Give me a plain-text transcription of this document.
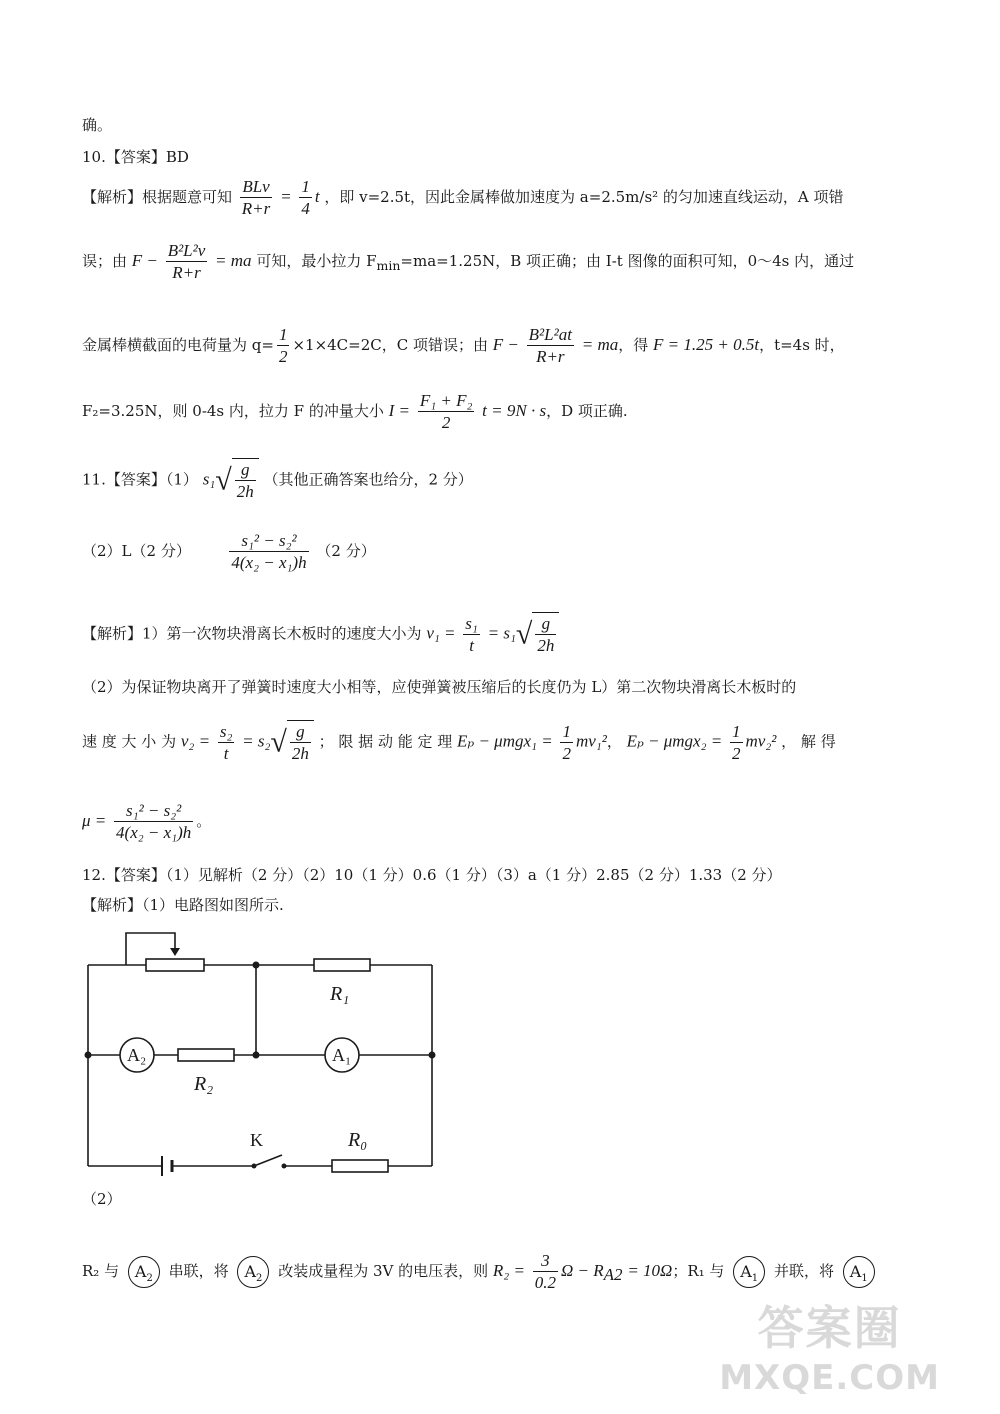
确。
10.【答案】BD
【解析】根据题意可知 $\frac{\text{BLv}}{R+r} = \frac{1}{4}$ t ，即 v=2.5t，因此金属棒做加速度为 a=2.5m/s² 的匀加速直线运动，A 项错
误；由 $F - \frac{\text{B²L²v}}{R+r}$ = ma 可知，最小拉力 $F_{min}=ma=1.25N$，B 项正确；由 I-t 图像的面积可知，0～4s 内，通过
金属棒横截面的电荷量为 $q= \frac{1}{2} \times 1\times 4C=2C$，C 项错误；由 $F - \frac{\text{B²L²at}}{R+r}$ = ma，得 F = 1.25 + 0.5t，t=4s 时，
F₂=3.25N，则 0-4s 内，拉力 F 的冲量大小 $I = \frac{\text{F₁ + F₂}}{2}$ t = 9N · s，D 项正确.
11.【答案】（1） $s_1√ \frac{g}{2h}$ （其他正确答案也给分，2 分）
（2）L（2 分） $\frac{\text{s₁² − s₂²}}{\text{4(x₂ − x₁)h}} (2$ 分）
【解析】1）第一次物块滑离长木板时的速度大小为 $v_1 = \frac{\text{s₁}}{t} = s_1√ \frac{g}{2h}$
（2）为保证物块离开了弹簧时速度大小相等，应使弹簧被压缩后的长度仍为 L）第二次物块滑离长木板时的
速 度 大 小 为 $v_2 = \frac{\text{s₂}}{t} = s_2√ \frac{g}{2h}$ ； 限 据 动 能 定 理 $E_p - \mu mgx_1 = \frac{1}{2} mv_1^2$， $E_p - \mu mgx_2 = \frac{1}{2} mv_2^2$ ， 解 得
$\mu = \frac{\text{s₁² − s₂²}}{\text{4(x₂ − x₁)h}}$ 。
12.【答案】（1）见解析（2 分）（2）10（1 分）0.6（1 分）（3）a（1 分）2.85（2 分）1.33（2 分）
【解析】（1）电路图如图所示.
R₁
R₂
R₀
K
A₂	A₁
（2）
R₂ 与 $A_2$ 串联，将 $A_2$ 改装成量程为 3V 的电压表，则 $R_2 = \frac{3}{0.2}$ $\Omega - R_{A2} = 10\Omega$；R₁ 与 $A_1$ 并联，将 $A_1$
答案圈
MXQE.COM
